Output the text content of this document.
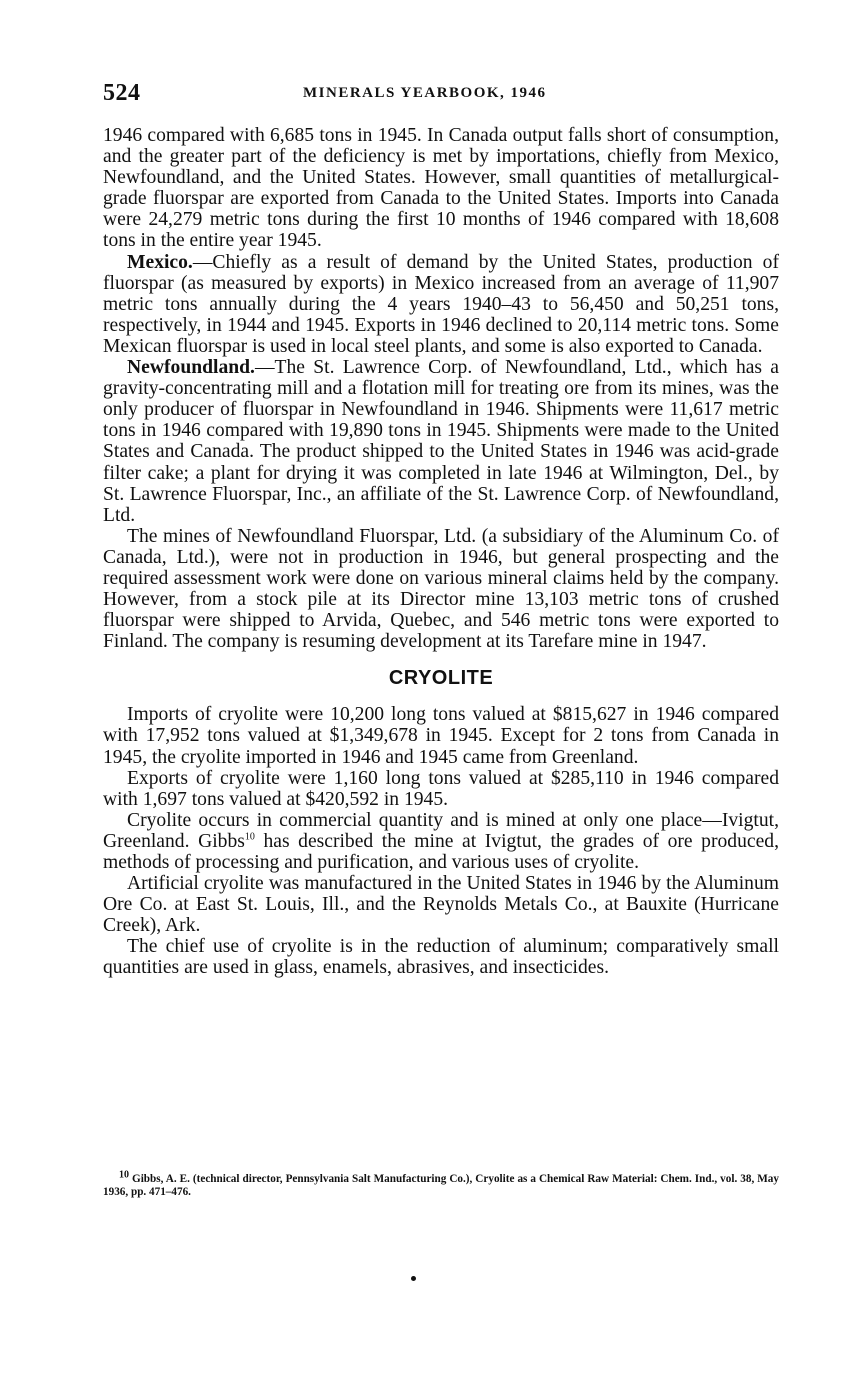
524	MINERALS YEARBOOK, 1946

1946 compared with 6,685 tons in 1945. In Canada output falls short of consumption, and the greater part of the deficiency is met by importations, chiefly from Mexico, Newfoundland, and the United States. However, small quantities of metallurgical-grade fluorspar are exported from Canada to the United States. Imports into Canada were 24,279 metric tons during the first 10 months of 1946 compared with 18,608 tons in the entire year 1945.

Mexico.—Chiefly as a result of demand by the United States, production of fluorspar (as measured by exports) in Mexico increased from an average of 11,907 metric tons annually during the 4 years 1940–43 to 56,450 and 50,251 tons, respectively, in 1944 and 1945. Exports in 1946 declined to 20,114 metric tons. Some Mexican fluorspar is used in local steel plants, and some is also exported to Canada.

Newfoundland.—The St. Lawrence Corp. of Newfoundland, Ltd., which has a gravity-concentrating mill and a flotation mill for treating ore from its mines, was the only producer of fluorspar in Newfoundland in 1946. Shipments were 11,617 metric tons in 1946 compared with 19,890 tons in 1945. Shipments were made to the United States and Canada. The product shipped to the United States in 1946 was acid-grade filter cake; a plant for drying it was completed in late 1946 at Wilmington, Del., by St. Lawrence Fluorspar, Inc., an affiliate of the St. Lawrence Corp. of Newfoundland, Ltd.

The mines of Newfoundland Fluorspar, Ltd. (a subsidiary of the Aluminum Co. of Canada, Ltd.), were not in production in 1946, but general prospecting and the required assessment work were done on various mineral claims held by the company. However, from a stock pile at its Director mine 13,103 metric tons of crushed fluorspar were shipped to Arvida, Quebec, and 546 metric tons were exported to Finland. The company is resuming development at its Tarefare mine in 1947.

CRYOLITE

Imports of cryolite were 10,200 long tons valued at $815,627 in 1946 compared with 17,952 tons valued at $1,349,678 in 1945. Except for 2 tons from Canada in 1945, the cryolite imported in 1946 and 1945 came from Greenland.

Exports of cryolite were 1,160 long tons valued at $285,110 in 1946 compared with 1,697 tons valued at $420,592 in 1945.

Cryolite occurs in commercial quantity and is mined at only one place—Ivigtut, Greenland. Gibbs$^{10}$ has described the mine at Ivigtut, the grades of ore produced, methods of processing and purification, and various uses of cryolite.

Artificial cryolite was manufactured in the United States in 1946 by the Aluminum Ore Co. at East St. Louis, Ill., and the Reynolds Metals Co., at Bauxite (Hurricane Creek), Ark.

The chief use of cryolite is in the reduction of aluminum; comparatively small quantities are used in glass, enamels, abrasives, and insecticides.

$^{10}$ Gibbs, A. E. (technical director, Pennsylvania Salt Manufacturing Co.), Cryolite as a Chemical Raw Material: Chem. Ind., vol. 38, May 1936, pp. 471–476.
